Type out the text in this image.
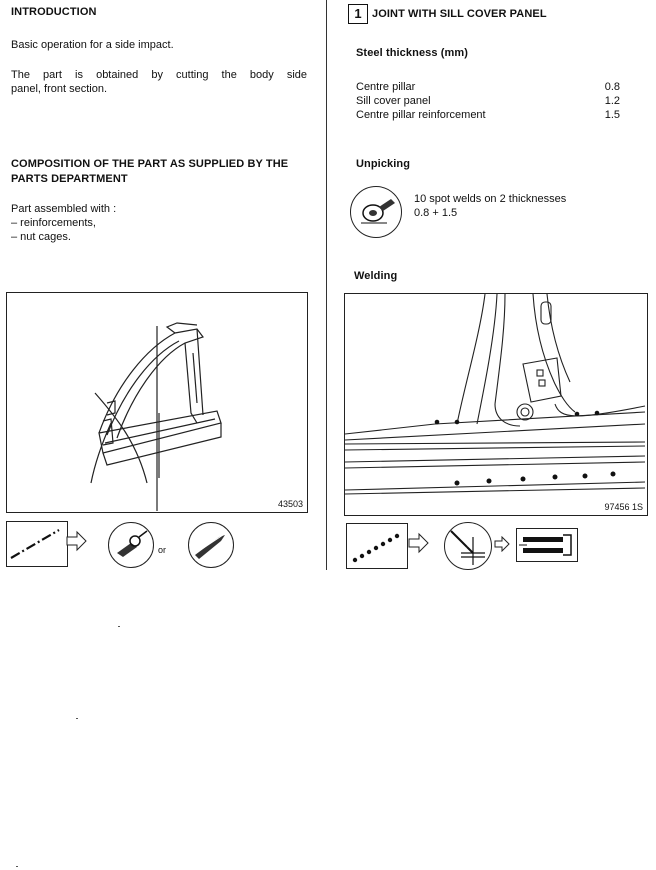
INTRODUCTION
Basic operation for a side impact.
The part is obtained by cutting the body side
panel, front section.
COMPOSITION OF THE PART AS SUPPLIED BY THE
PARTS DEPARTMENT
Part assembled with :
– reinforcements,
– nut cages.
43503
or
1 JOINT WITH SILL COVER PANEL
Steel thickness (mm)
Centre pillar	0.8
Sill cover panel	1.2
Centre pillar reinforcement	1.5
Unpicking
10 spot welds on 2 thicknesses
0.8 + 1.5
Welding
97456 1S
